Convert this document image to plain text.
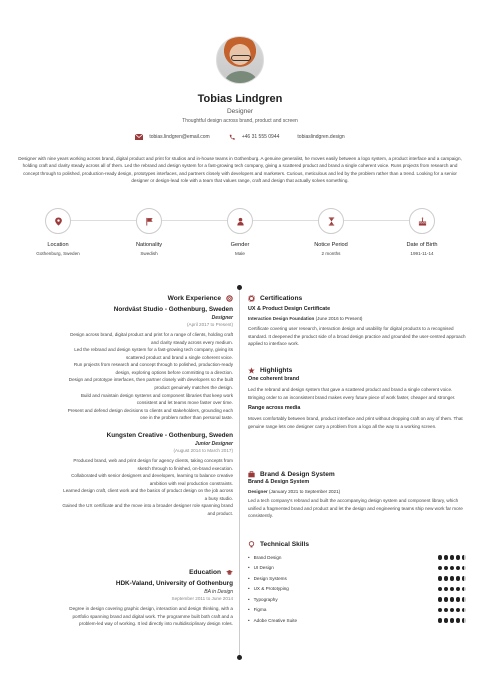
Tobias Lindgren
Designer
Thoughtful design across brand, product and screen
tobias.lindgren@email.com	+46 31 555 0944	tobiaslindgren.design
Designer with nine years working across brand, digital product and print for studios and in-house teams in Gothenburg. A genuine generalist, he moves easily between a logo system, a product interface and a campaign, holding craft and clarity steady across all of them. Led the rebrand and design system for a fast-growing tech company, giving a scattered product and brand a single coherent voice. Runs projects from research and concept through to polished, production-ready design, prototypes interfaces, and partners closely with developers and marketers. Curious, meticulous and led by the problem rather than a trend. Looking for a senior designer or design-lead role with a team that values range, craft and design that actually solves something.
Location
Gothenburg, Sweden
Nationality
Swedish
Gender
Male
Notice Period
2 months
Date of Birth
1991-11-14
Work Experience
Nordväst Studio - Gothenburg, Sweden
Designer
(April 2017 to Present)
Design across brand, digital product and print for a range of clients, holding craft
and clarity steady across every medium.
Led the rebrand and design system for a fast-growing tech company, giving its
scattered product and brand a single coherent voice.
Run projects from research and concept through to polished, production-ready
design, exploring options before committing to a direction.
Design and prototype interfaces, then partner closely with developers so the built
product genuinely matches the design.
Build and maintain design systems and component libraries that keep work
consistent and let teams move faster over time.
Present and defend design decisions to clients and stakeholders, grounding each
one in the problem rather than personal taste.
Kungsten Creative - Gothenburg, Sweden
Junior Designer
(August 2014 to March 2017)
Produced brand, web and print design for agency clients, taking concepts from
sketch through to finished, on-brand execution.
Collaborated with senior designers and developers, learning to balance creative
ambition with real production constraints.
Learned design craft, client work and the basics of product design on the job across
a busy studio.
Gained the UX certificate and the move into a broader designer role spanning brand
and product.
Education
HDK-Valand, University of Gothenburg
BA in Design
September 2011 to June 2014
Degree in design covering graphic design, interaction and design thinking, with a
portfolio spanning brand and digital work. The programme built both craft and a
problem-led way of working. It led directly into multidisciplinary design roles.
Certifications
UX & Product Design Certificate
Interaction Design Foundation (June 2016 to Present)
Certificate covering user research, interaction design and usability for digital products to a recognised standard. It deepened the product side of a broad design practice and grounded the user-centred approach applied to interface work.
Highlights
One coherent brand
Led the rebrand and design system that gave a scattered product and brand a single coherent voice. Bringing order to an inconsistent brand makes every future piece of work faster, cheaper and stronger.
Range across media
Moves comfortably between brand, product interface and print without dropping craft on any of them. That genuine range lets one designer carry a problem from a logo all the way to a working screen.
Brand & Design System
Brand & Design System
Designer (January 2021 to September 2021)
Led a tech company's rebrand and built the accompanying design system and component library, which unified a fragmented brand and product and let the design and engineering teams ship new work far more consistently.
Technical Skills
• Brand Design
• UI Design
• Design Systems
• UX & Prototyping
• Typography
• Figma
• Adobe Creative Suite
